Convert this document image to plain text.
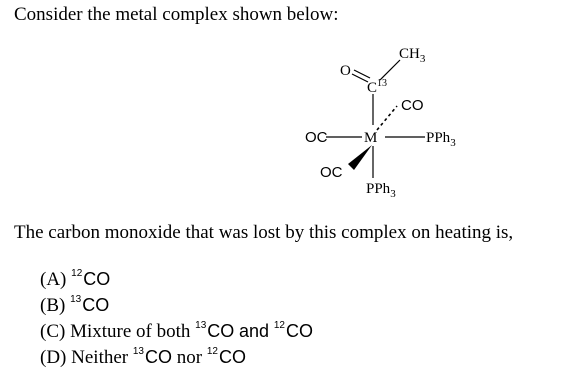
Consider the metal complex shown below:
O
$C^{13}$
$CH_3$
CO
OC M	PPh$_3$
OC
PPh$_3$
The carbon monoxide that was lost by this complex on heating is,
(A) $^{12}$CO
(B) $^{13}$CO
(C) Mixture of both $^{13}$CO and $^{12}$CO
(D) Neither $^{13}$CO nor $^{12}$CO
